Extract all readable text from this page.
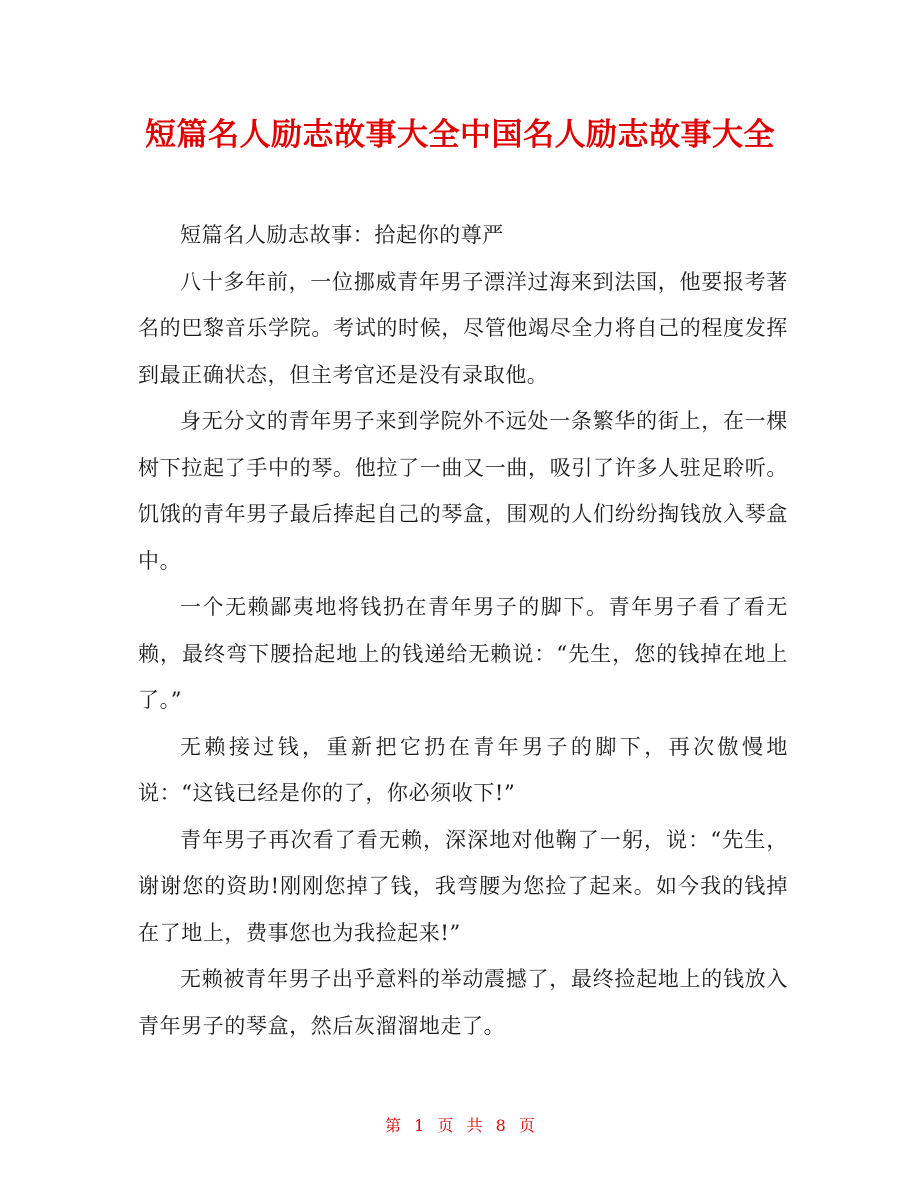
短篇名人励志故事大全中国名人励志故事大全

短篇名人励志故事：拾起你的尊严

八十多年前，一位挪威青年男子漂洋过海来到法国，他要报考著名的巴黎音乐学院。考试的时候，尽管他竭尽全力将自己的程度发挥到最正确状态，但主考官还是没有录取他。

身无分文的青年男子来到学院外不远处一条繁华的街上，在一棵树下拉起了手中的琴。他拉了一曲又一曲，吸引了许多人驻足聆听。饥饿的青年男子最后捧起自己的琴盒，围观的人们纷纷掏钱放入琴盒中。

一个无赖鄙夷地将钱扔在青年男子的脚下。青年男子看了看无赖，最终弯下腰拾起地上的钱递给无赖说：“先生，您的钱掉在地上了。”

无赖接过钱，重新把它扔在青年男子的脚下，再次傲慢地说：“这钱已经是你的了，你必须收下!”

青年男子再次看了看无赖，深深地对他鞠了一躬，说：“先生，谢谢您的资助!刚刚您掉了钱，我弯腰为您捡了起来。如今我的钱掉在了地上，费事您也为我捡起来!”

无赖被青年男子出乎意料的举动震撼了，最终捡起地上的钱放入青年男子的琴盒，然后灰溜溜地走了。

第 1 页 共 8 页
